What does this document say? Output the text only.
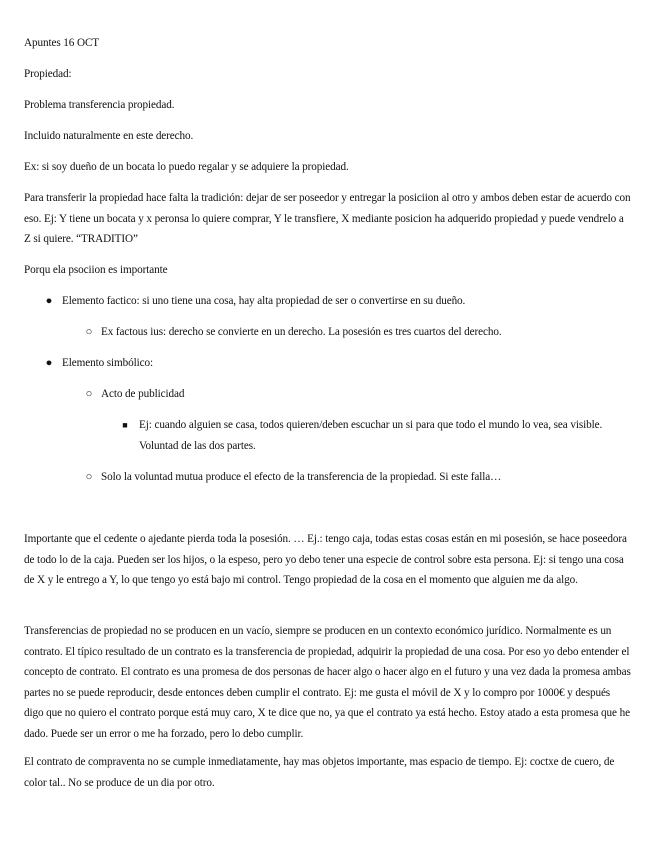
Apuntes 16 OCT

Propiedad:

Problema transferencia propiedad.

Incluido naturalmente en este derecho.

Ex: si soy dueño de un bocata lo puedo regalar y se adquiere la propiedad.

Para transferir la propiedad hace falta la tradición: dejar de ser poseedor y entregar la posiciion al otro y ambos deben estar de acuerdo con eso. Ej: Y tiene un bocata y x peronsa lo quiere comprar, Y le transfiere, X mediante posicion ha adquerido propiedad y puede vendrelo a Z si quiere. “TRADITIO”

Porqu ela psociion es importante

● Elemento factico: si uno tiene una cosa, hay alta propiedad de ser o convertirse en su dueño.

○ Ex factous ius: derecho se convierte en un derecho. La posesión es tres cuartos del derecho.

● Elemento simbólico:

○ Acto de publicidad

■	Ej: cuando alguien se casa, todos quieren/deben escuchar un si para que todo el mundo lo vea, sea visible. Voluntad de las dos partes.

○ Solo la voluntad mutua produce el efecto de la transferencia de la propiedad. Si este falla…

Importante que el cedente o ajedante pierda toda la posesión. … Ej.: tengo caja, todas estas cosas están en mi posesión, se hace poseedora de todo lo de la caja. Pueden ser los hijos, o la espeso, pero yo debo tener una especie de control sobre esta persona. Ej: si tengo una cosa de X y le entrego a Y, lo que tengo yo está bajo mi control. Tengo propiedad de la cosa en el momento que alguien me da algo.

Transferencias de propiedad no se producen en un vacío, siempre se producen en un contexto económico jurídico. Normalmente es un contrato. El típico resultado de un contrato es la transferencia de propiedad, adquirir la propiedad de una cosa. Por eso yo debo entender el concepto de contrato. El contrato es una promesa de dos personas de hacer algo o hacer algo en el futuro y una vez dada la promesa ambas partes no se puede reproducir, desde entonces deben cumplir el contrato. Ej: me gusta el móvil de X y lo compro por 1000€ y después digo que no quiero el contrato porque está muy caro, X te dice que no, ya que el contrato ya está hecho. Estoy atado a esta promesa que he dado. Puede ser un error o me ha forzado, pero lo debo cumplir.

El contrato de compraventa no se cumple inmediatamente, hay mas objetos importante, mas espacio de tiempo. Ej: coctxe de cuero, de color tal.. No se produce de un dia por otro.
